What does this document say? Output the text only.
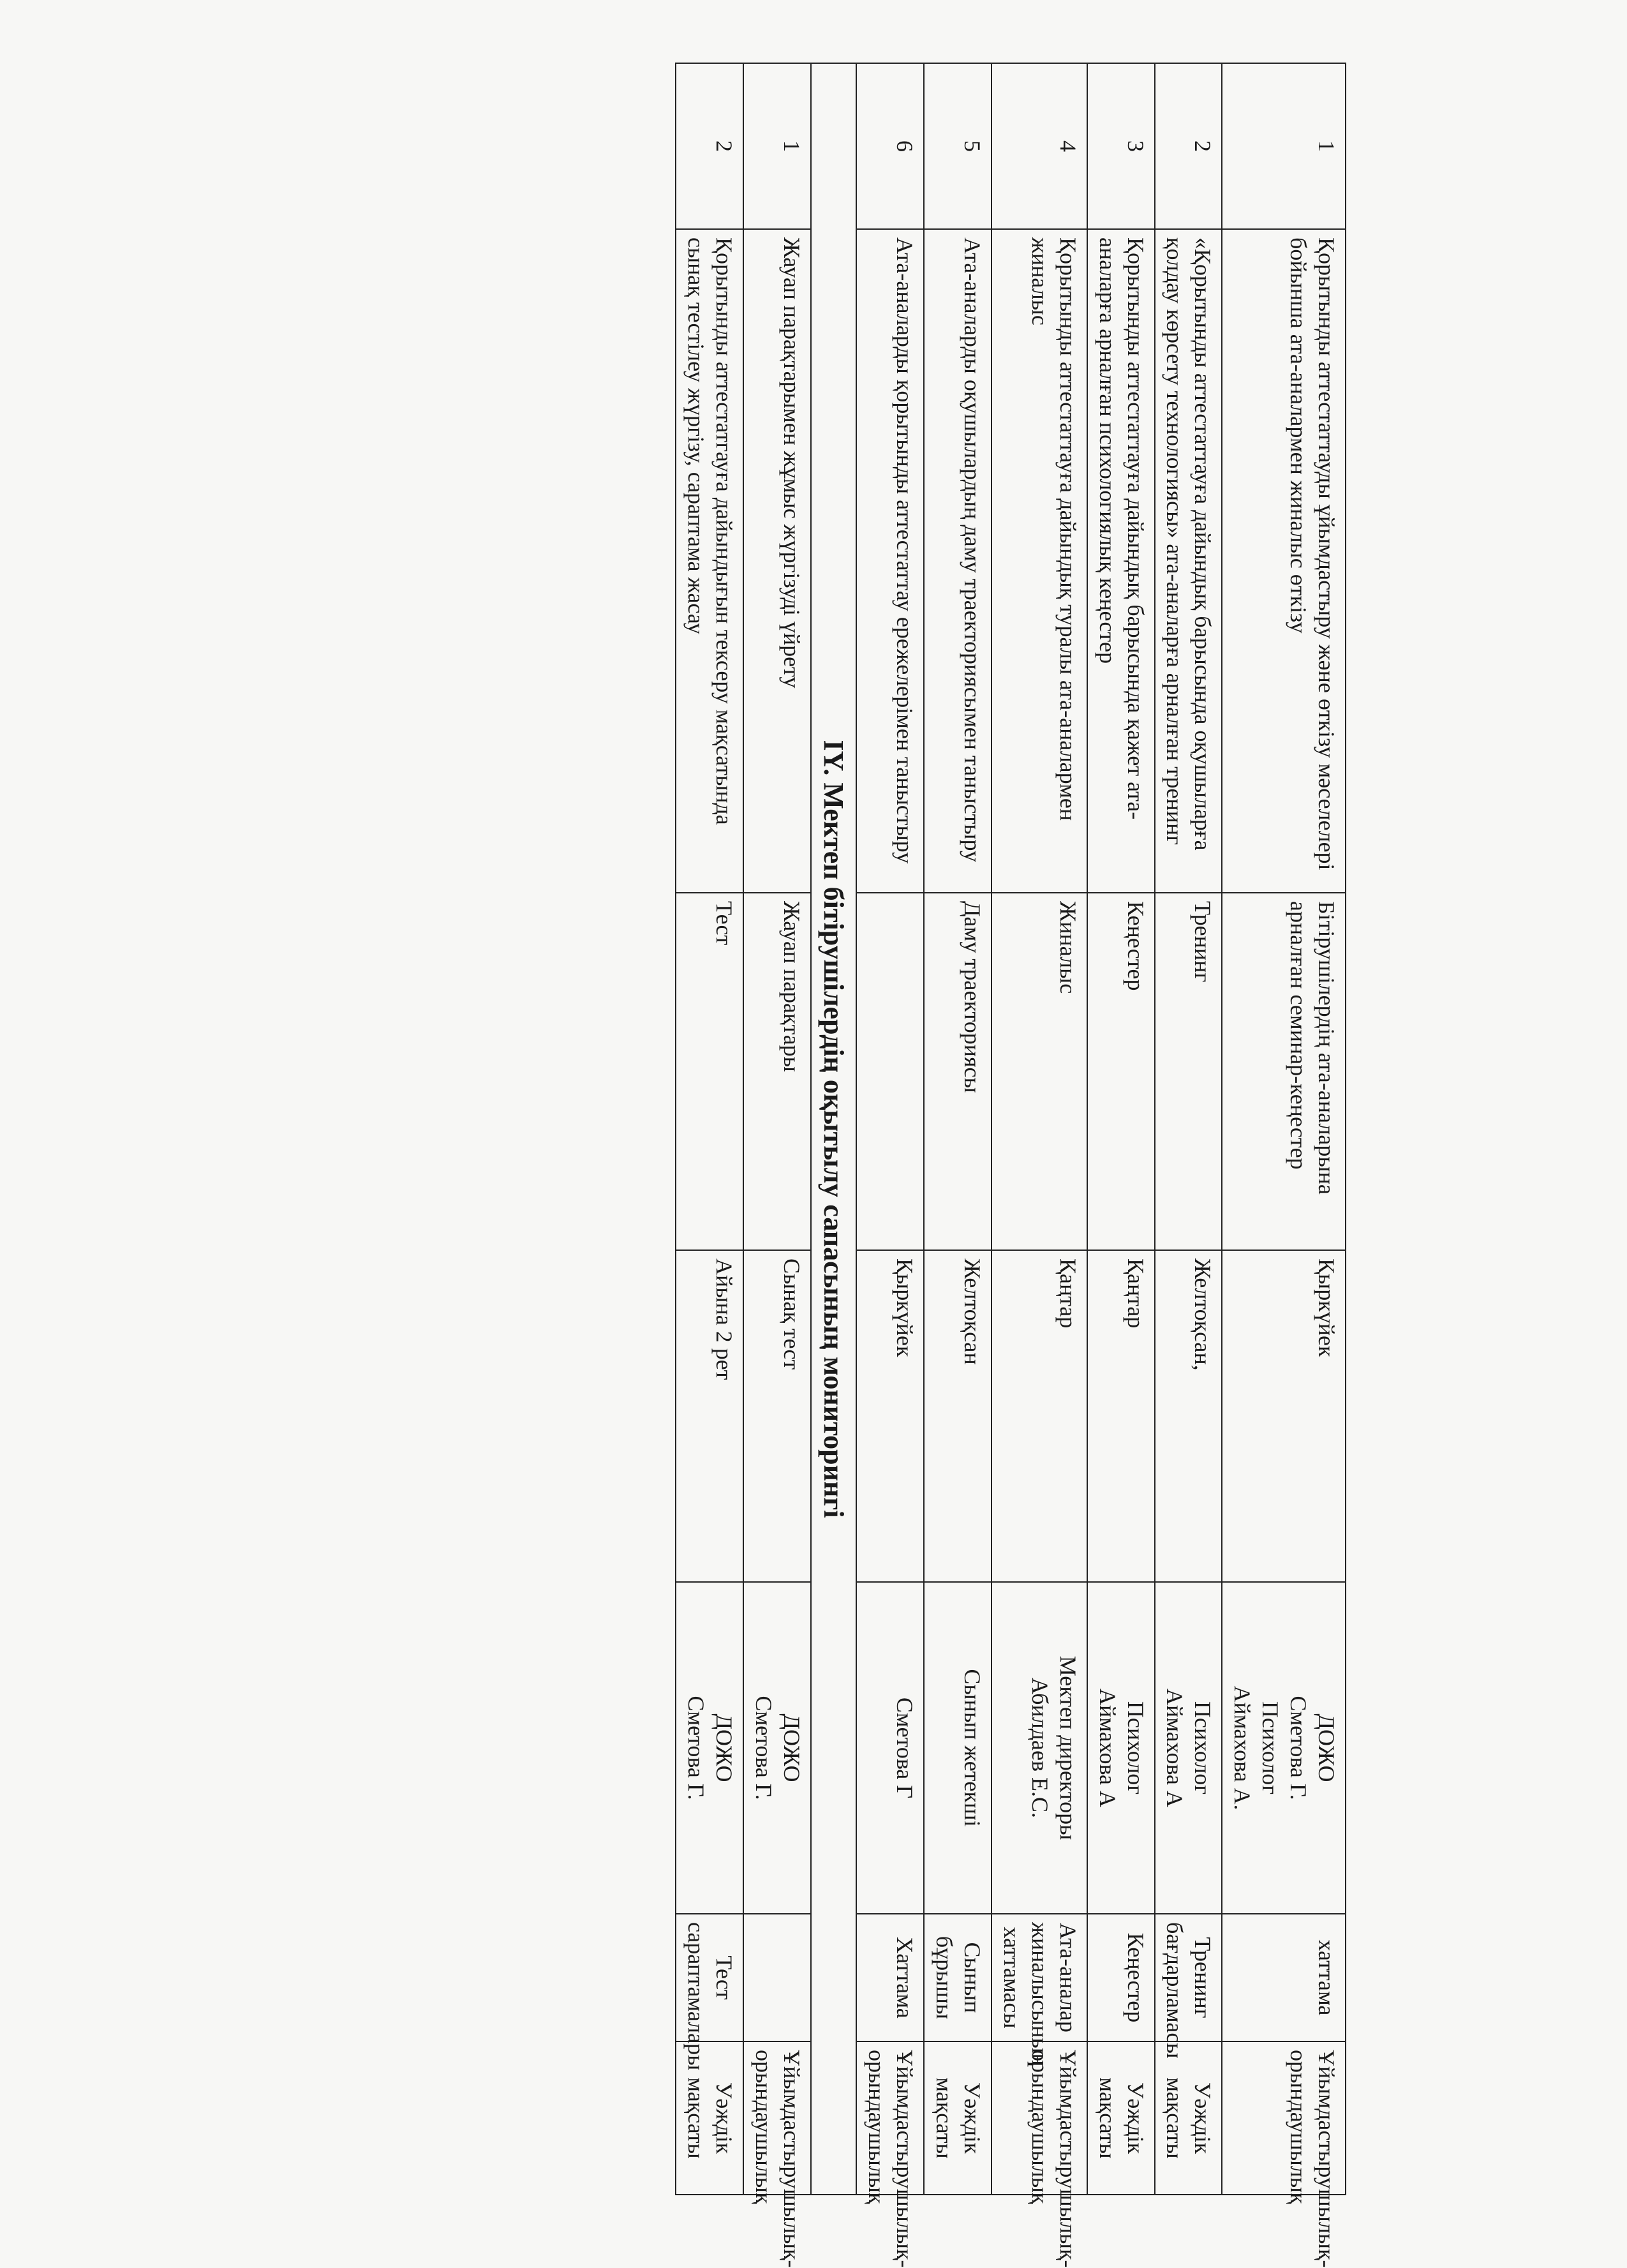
1	Қорытынды аттестаттауды ұйымдастыру және өткізу мәселелері бойынша ата-аналармен жиналыс өткізу	Бітірушілердің ата-аналарына арналған семинар-кеңестер	Қыркүйек	ДОЖО
Сметова Г.
Психолог
Аймахова А.	хаттама	Ұйымдастырушылық-орындаушылық
2	«Қорытынды аттестаттауға дайындық барысында оқушыларға қолдау көрсету технологиясы» ата-аналарға арналған тренинг	Тренинг	Желтоқсан,	Психолог
Аймахова А	Тренинг бағдарламасы	Уәждік мақсаты
3	Қорытынды аттестаттауға дайындық барысында қажет ата-аналарға арналған психологиялық кеңестер	Кеңестер	Қаңтар	Психолог
Аймахова А	Кеңестер	Уәждік мақсаты
4	Қорытынды аттестаттауға дайындық туралы ата-аналармен жиналыс	Жиналыс	Қаңтар	Мектеп директоры
Абилдаев Е.С.	Ата-аналар жиналысының хаттамасы	Ұйымдастырушылық-орындаушылық
5	Ата-аналарды оқушылардың даму траекториясымен таныстыру	Даму траекториясы	Желтоқсан	Сынып жетекші	Сынып бұрышы	Уәждік мақсаты
6	Ата-аналарды қорытынды аттестаттау ережелерімен таныстыру		Қыркүйек	Сметова Г	Хаттама	Ұйымдастырушылық-орындаушылық
IY. Мектеп бітірушілердің оқытылу сапасының мониторингі						
1	Жауап парақтарымен жұмыс жүргізуді үйрету	Жауап парақтары	Сынақ тест	ДОЖО
Сметова Г.		Ұйымдастырушылық-орындаушылық
2	Қорытынды аттестатгауға дайындығын тексеру мақсатында сынақ тестілеу жүргізу, сараптама жасау	Тест	Айына 2 рет	ДОЖО
Сметова Г.	Тест сараптамалары	Уәждік мақсаты
